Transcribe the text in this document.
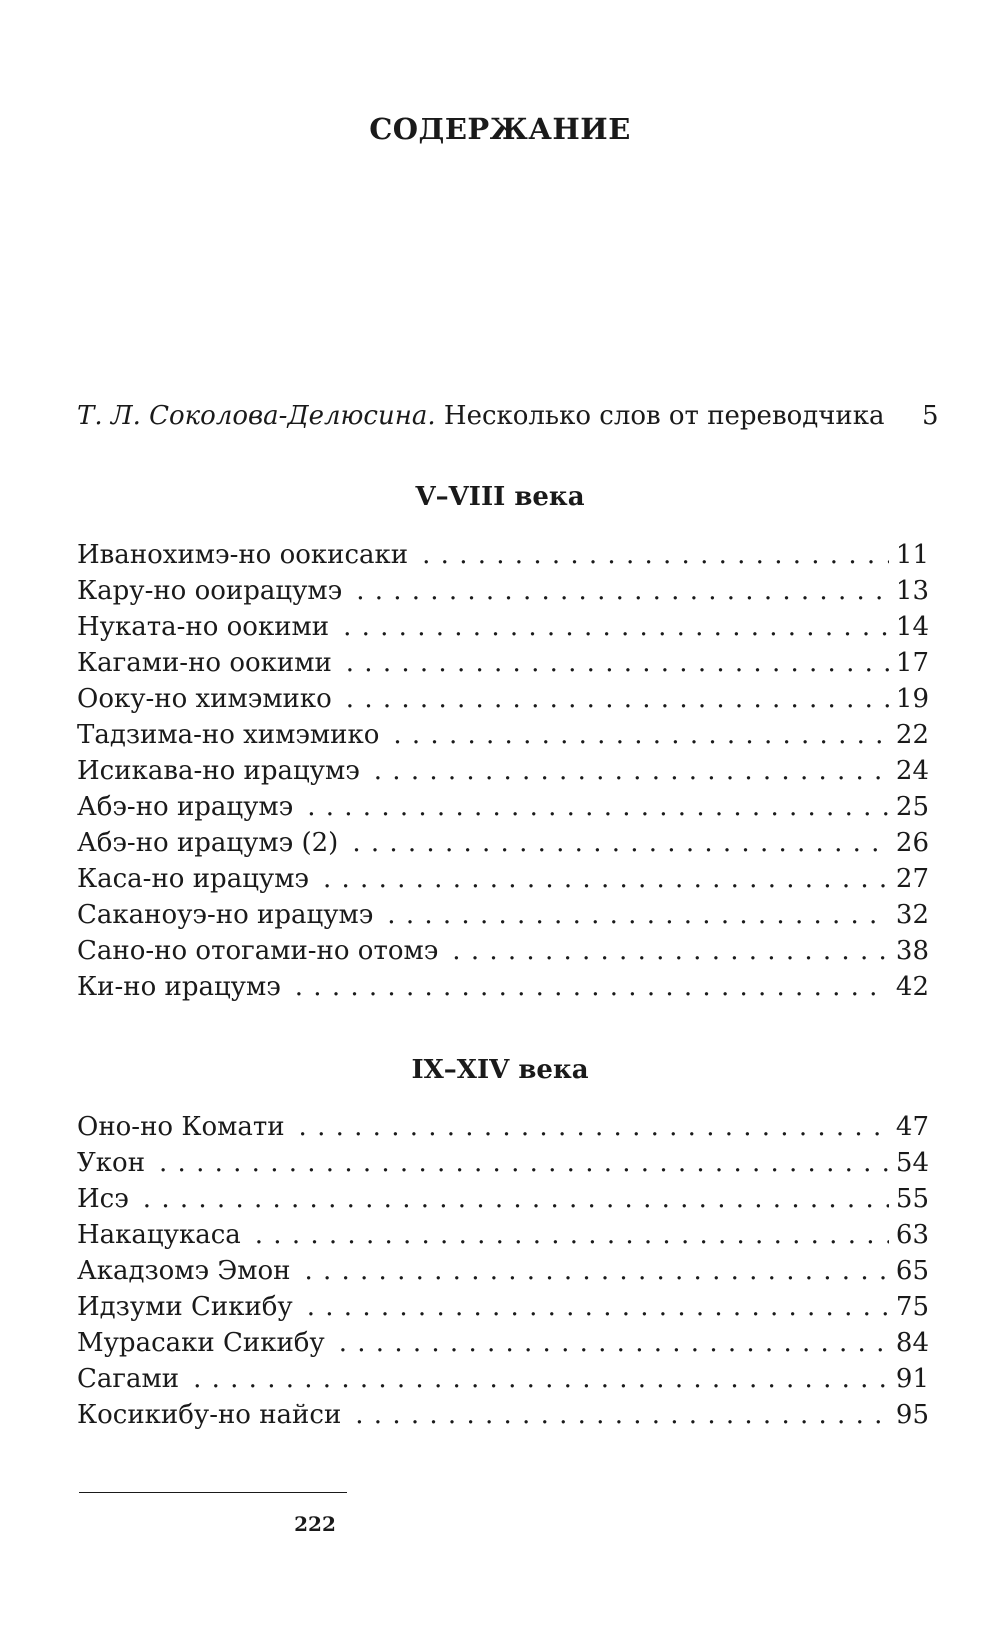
СОДЕРЖАНИЕ
Т. Л. Соколова-Делюсина. Несколько слов от переводчика	5
V–VIII века
Иванохимэ-но оокисаки . . .	11
Кару-но ооирацумэ . . .	13
Нуката-но оокими . . .	14
Кагами-но оокими . . .	17
Ооку-но химэмико . . .	19
Тадзима-но химэмико . . .	22
Исикава-но ирацумэ . . .	24
Абэ-но ирацумэ . . .	25
Абэ-но ирацумэ (2) . . .	26
Каса-но ирацумэ . . .	27
Саканоуэ-но ирацумэ . . .	32
Сано-но отогами-но отомэ . . .	38
Ки-но ирацумэ . . .	42
IX–XIV века
Оно-но Комати . . .	47
Укон . . .	54
Исэ . . .	55
Накацукаса . . .	63
Акадзомэ Эмон . . .	65
Идзуми Сикибу . . .	75
Мурасаки Сикибу . . .	84
Сагами . . .	91
Косикибу-но найси . . .	95
222
